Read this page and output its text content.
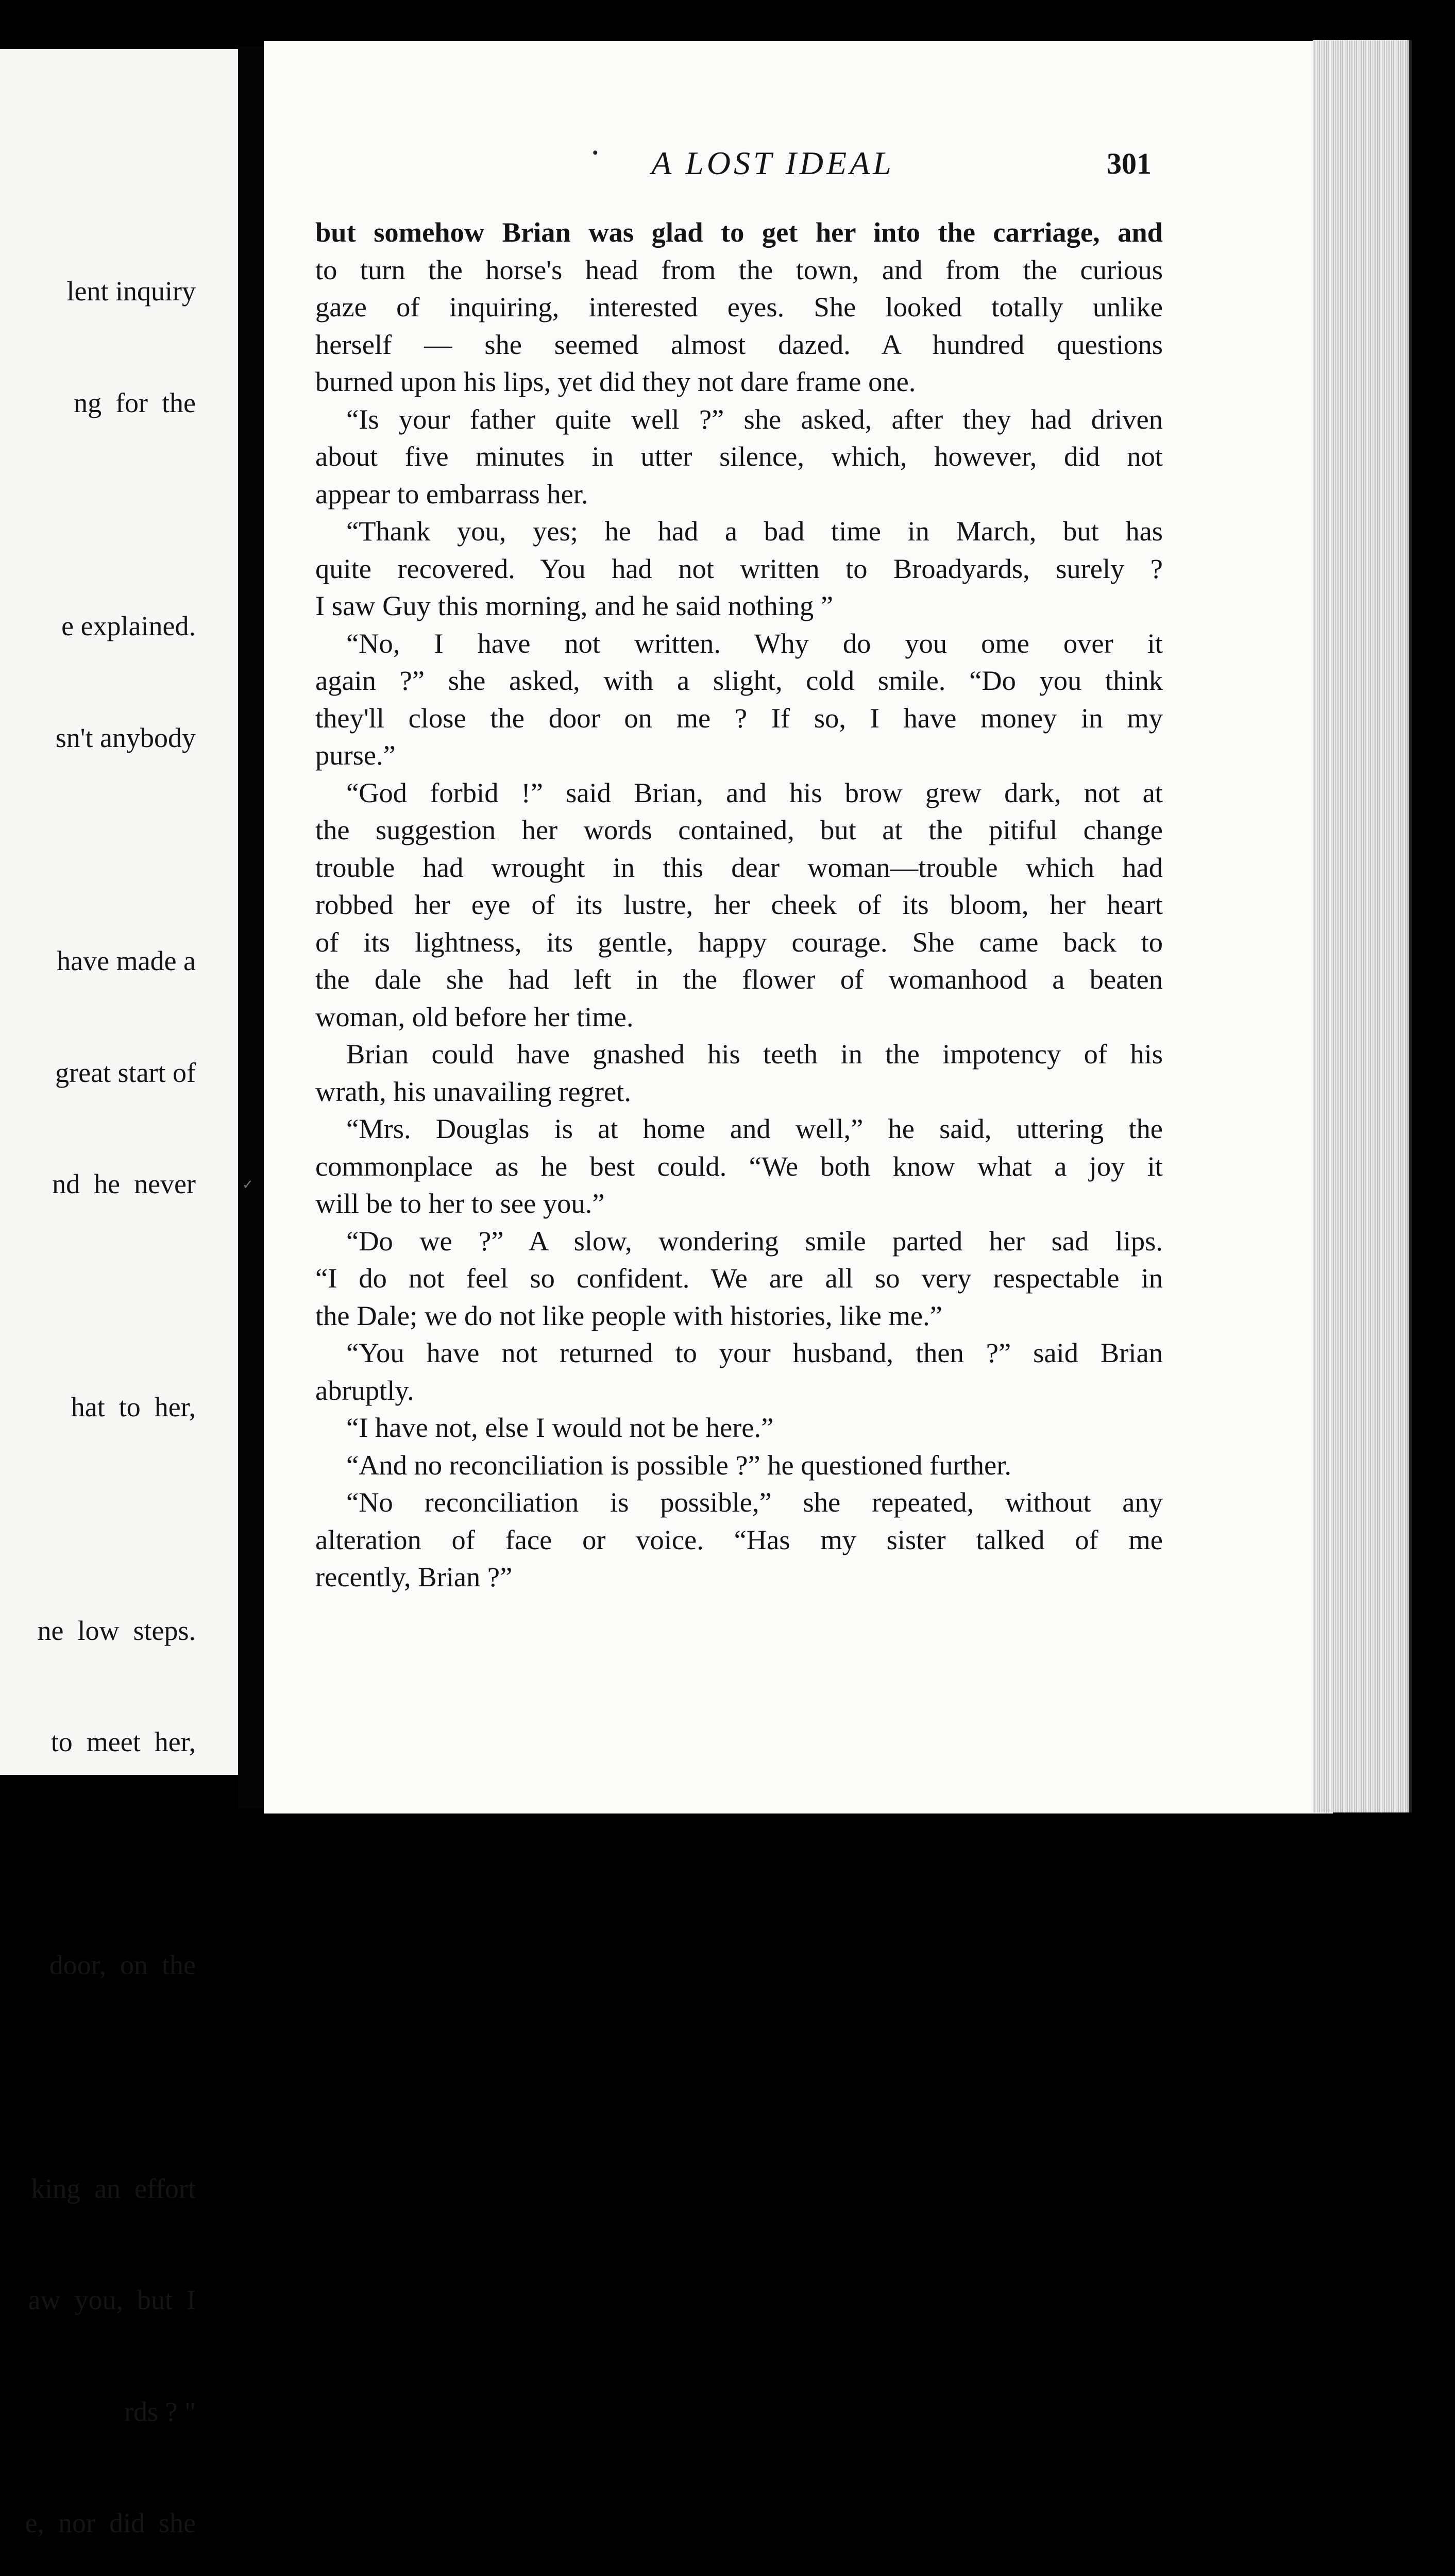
lent inquiry

ng  for  the

e explained.

sn't anybody

have made a

great start of

nd  he  never

hat  to  her,

ne  low  steps.

to  meet  her,

door,  on  the

king  an  effort

aw  you,  but  I

rds ? "

e,  nor  did  she

✓
•	A LOST IDEAL	301
but somehow Brian was glad to get her into the carriage, and
to turn the horse's head from the town, and from the curious
gaze of inquiring, interested eyes. She looked totally unlike
herself — she seemed almost dazed. A hundred questions
burned upon his lips, yet did they not dare frame one.
“Is your father quite well ?” she asked, after they had driven
about five minutes in utter silence, which, however, did not
appear to embarrass her.
“Thank you, yes; he had a bad time in March, but has
quite recovered. You had not written to Broadyards, surely ?
I saw Guy this morning, and he said nothing ”
“No, I have not written. Why do you ome over it
again ?” she asked, with a slight, cold smile. “Do you think
they'll close the door on me ? If so, I have money in my
purse.”
“God forbid !” said Brian, and his brow grew dark, not at
the suggestion her words contained, but at the pitiful change
trouble had wrought in this dear woman—trouble which had
robbed her eye of its lustre, her cheek of its bloom, her heart
of its lightness, its gentle, happy courage. She came back to
the dale she had left in the flower of womanhood a beaten
woman, old before her time.
Brian could have gnashed his teeth in the impotency of his
wrath, his unavailing regret.
“Mrs. Douglas is at home and well,” he said, uttering the
commonplace as he best could. “We both know what a joy it
will be to her to see you.”
“Do we ?” A slow, wondering smile parted her sad lips.
“I do not feel so confident. We are all so very respectable in
the Dale; we do not like people with histories, like me.”
“You have not returned to your husband, then ?” said Brian
abruptly.
“I have not, else I would not be here.”
“And no reconciliation is possible ?” he questioned further.
“No reconciliation is possible,” she repeated, without any
alteration of face or voice. “Has my sister talked of me
recently, Brian ?”
